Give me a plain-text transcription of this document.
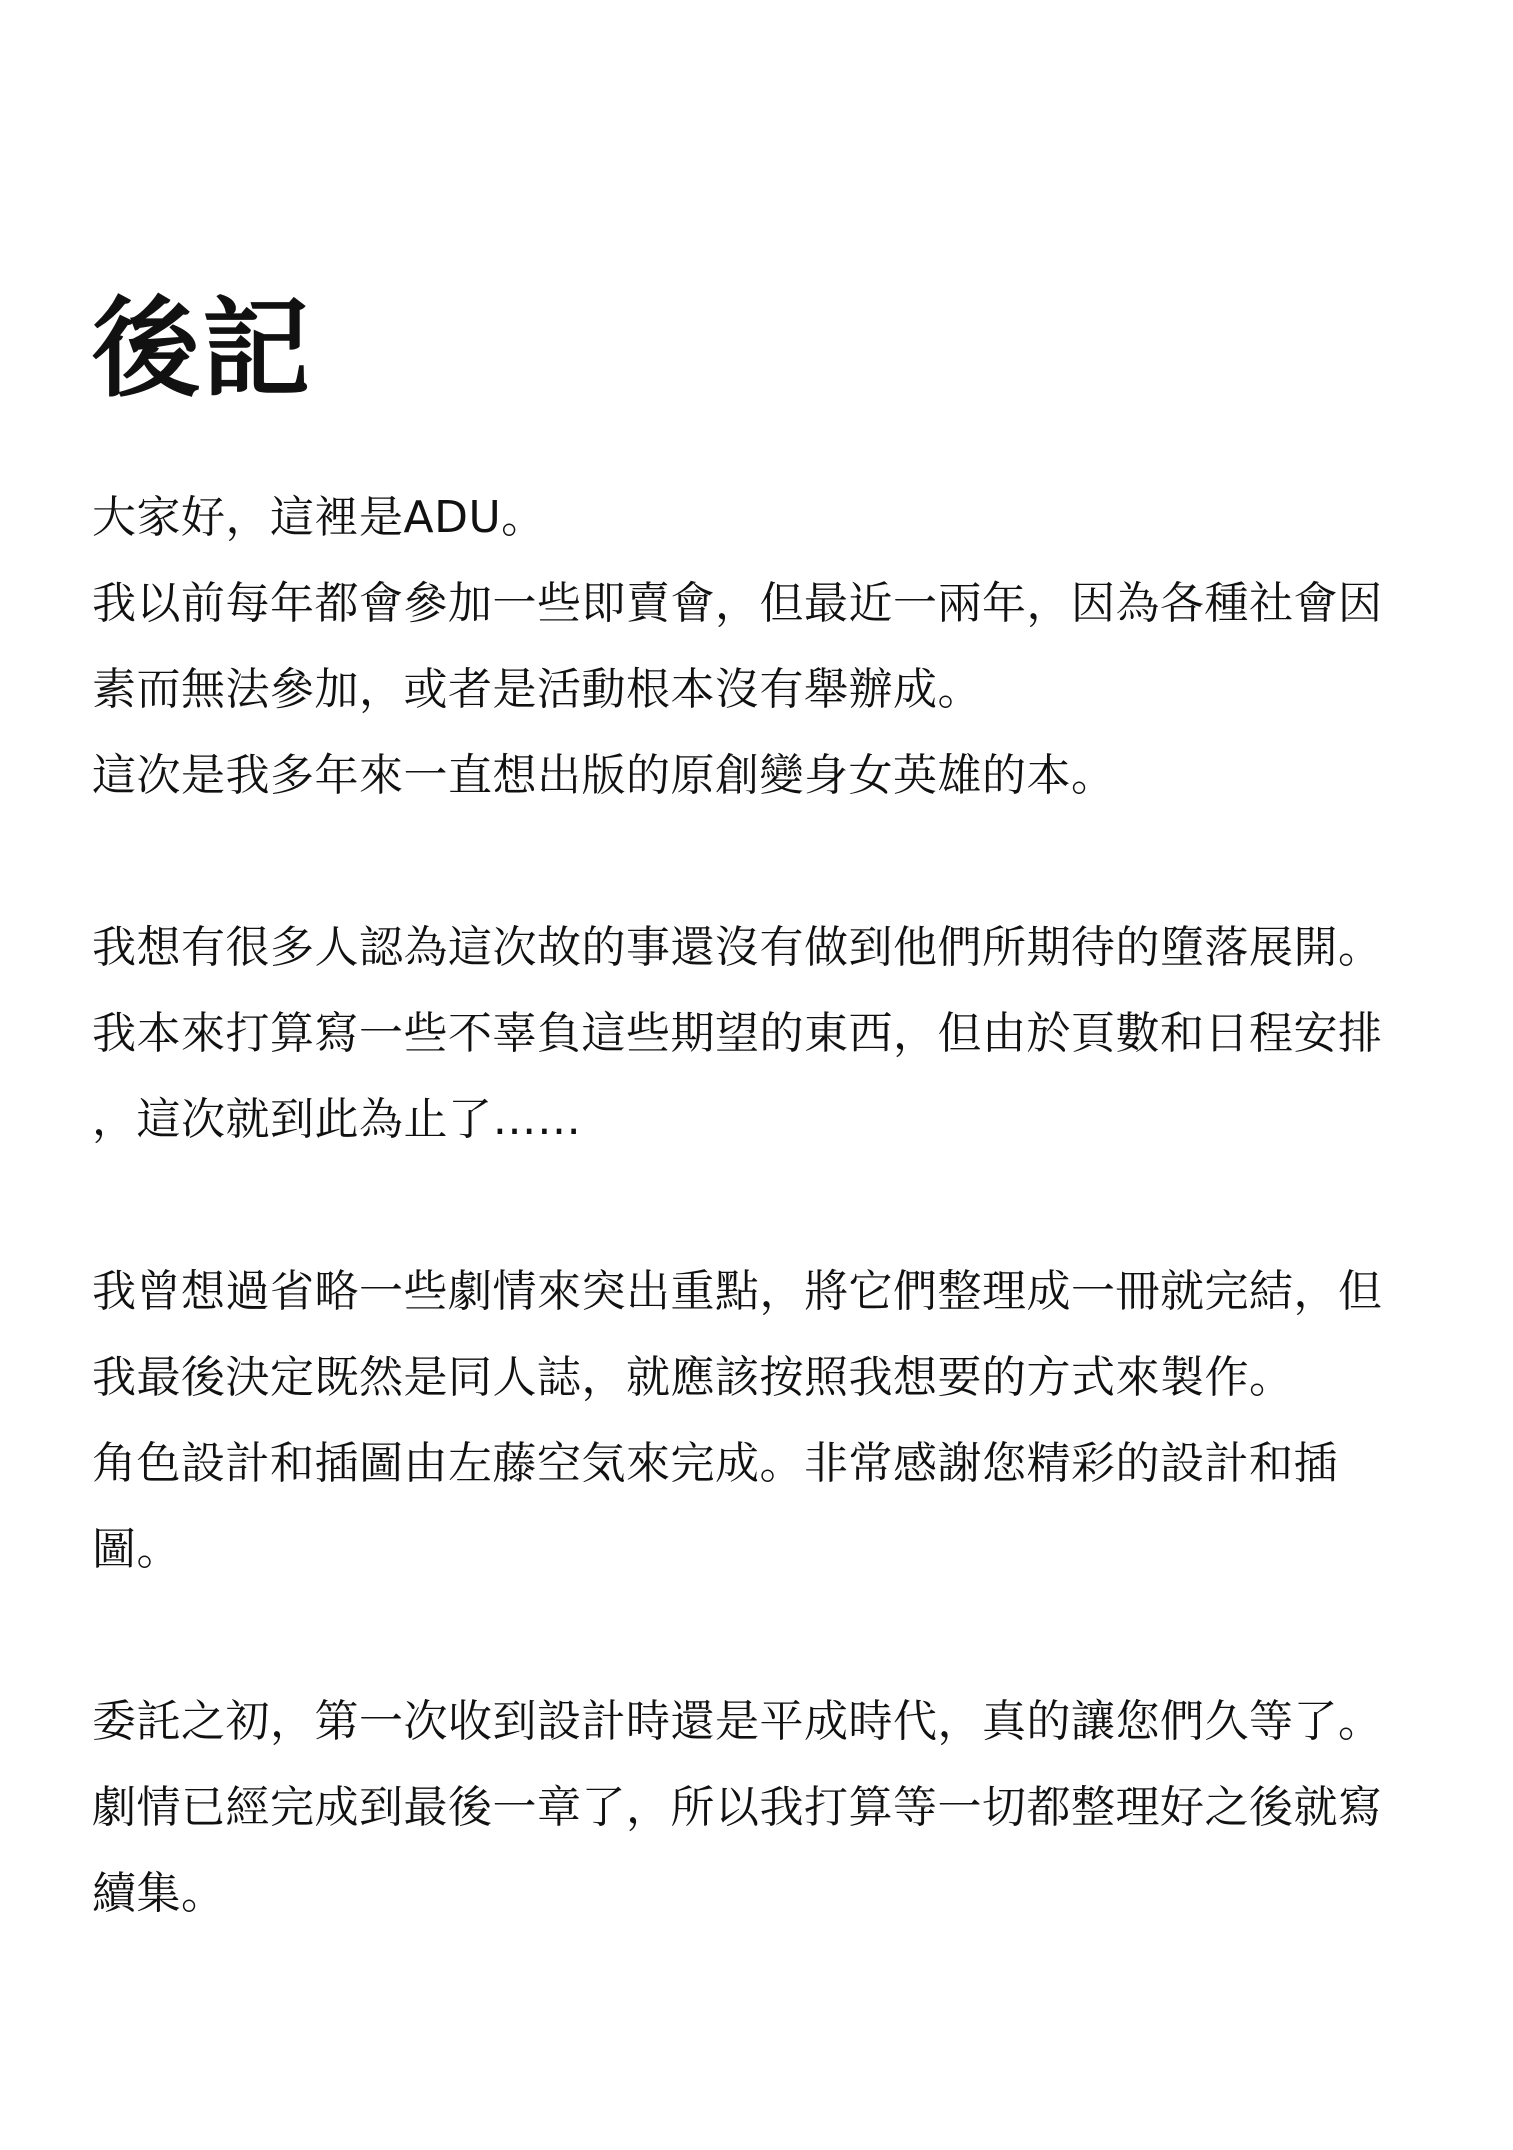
後記
大家好，這裡是ADU。
我以前每年都會參加一些即賣會，但最近一兩年，因為各種社會因
素而無法參加，或者是活動根本沒有舉辦成。
這次是我多年來一直想出版的原創變身女英雄的本。
我想有很多人認為這次故的事還沒有做到他們所期待的墮落展開。
我本來打算寫一些不辜負這些期望的東西，但由於頁數和日程安排
，這次就到此為止了……
我曾想過省略一些劇情來突出重點，將它們整理成一冊就完結，但
我最後決定既然是同人誌，就應該按照我想要的方式來製作。
角色設計和插圖由左藤空気來完成。非常感謝您精彩的設計和插
圖。
委託之初，第一次收到設計時還是平成時代，真的讓您們久等了。
劇情已經完成到最後一章了，所以我打算等一切都整理好之後就寫
續集。
